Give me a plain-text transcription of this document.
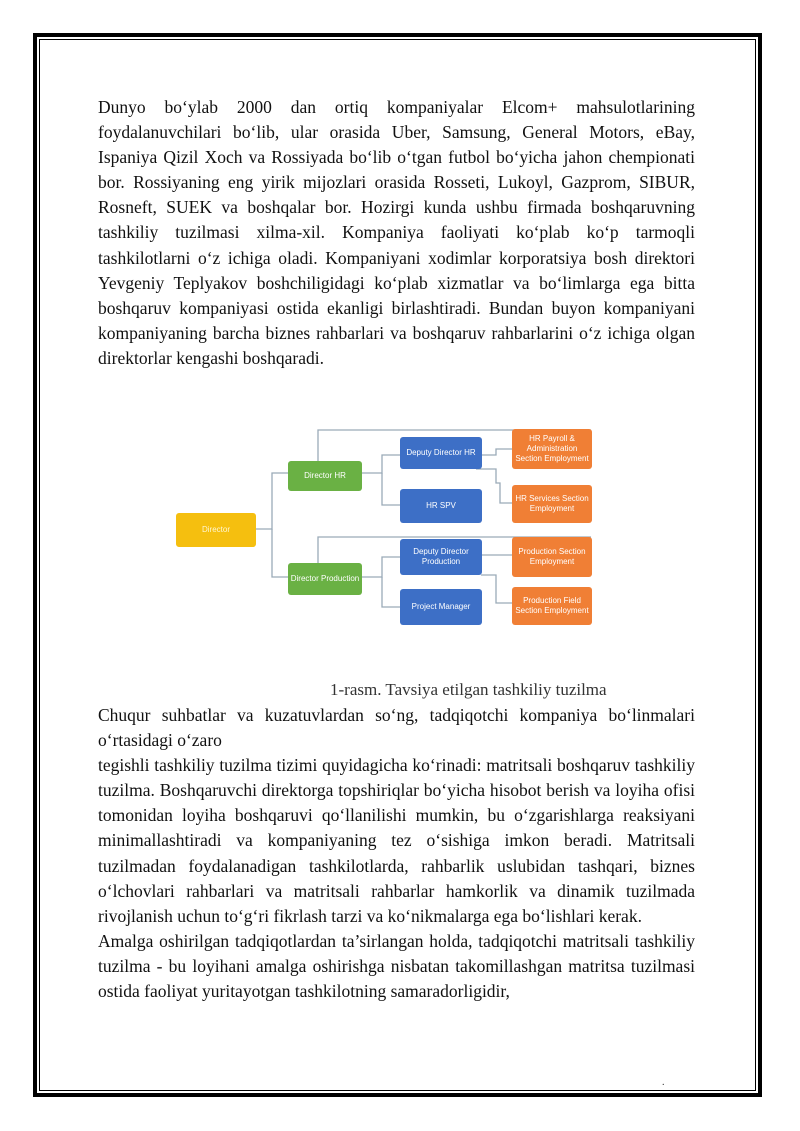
Dunyo bo‘ylab 2000 dan ortiq kompaniyalar Elcom+ mahsulotlarining foydalanuvchilari bo‘lib, ular orasida Uber, Samsung, General Motors, eBay, Ispaniya Qizil Xoch va Rossiyada bo‘lib o‘tgan futbol bo‘yicha jahon chempionati bor. Rossiyaning eng yirik mijozlari orasida Rosseti, Lukoyl, Gazprom, SIBUR, Rosneft, SUEK va boshqalar bor. Hozirgi kunda ushbu firmada boshqaruvning tashkiliy tuzilmasi xilma-xil. Kompaniya faoliyati ko‘plab ko‘p tarmoqli tashkilotlarni o‘z ichiga oladi. Kompaniyani xodimlar korporatsiya bosh direktori Yevgeniy Teplyakov boshchiligidagi ko‘plab xizmatlar va bo‘limlarga ega bitta boshqaruv kompaniyasi ostida ekanligi birlashtiradi. Bundan buyon kompaniyani kompaniyaning barcha biznes rahbarlari va boshqaruv rahbarlarini o‘z ichiga olgan direktorlar kengashi boshqaradi.

Director
Director HR
Director Production
Deputy Director HR
HR SPV
Deputy Director Production
Project Manager
HR Payroll & Administration Section Employment
HR Services Section Employment
Production Section Employment
Production Field Section Employment
1-rasm. Tavsiya etilgan tashkiliy tuzilma

Chuqur suhbatlar va kuzatuvlardan so‘ng, tadqiqotchi kompaniya bo‘linmalari o‘rtasidagi o‘zaro

tegishli tashkiliy tuzilma tizimi quyidagicha ko‘rinadi: matritsali boshqaruv tashkiliy tuzilma. Boshqaruvchi direktorga topshiriqlar bo‘yicha hisobot berish va loyiha ofisi tomonidan loyiha boshqaruvi qo‘llanilishi mumkin, bu o‘zgarishlarga reaksiyani minimallashtiradi va kompaniyaning tez o‘sishiga imkon beradi. Matritsali tuzilmadan foydalanadigan tashkilotlarda, rahbarlik uslubidan tashqari, biznes o‘lchovlari rahbarlari va matritsali rahbarlar hamkorlik va dinamik tuzilmada rivojlanish uchun to‘g‘ri fikrlash tarzi va ko‘nikmalarga ega bo‘lishlari kerak.

Amalga oshirilgan tadqiqotlardan ta’sirlangan holda, tadqiqotchi matritsali tashkiliy tuzilma - bu loyihani amalga oshirishga nisbatan takomillashgan matritsa tuzilmasi ostida faoliyat yuritayotgan tashkilotning samaradorligidir,

.
